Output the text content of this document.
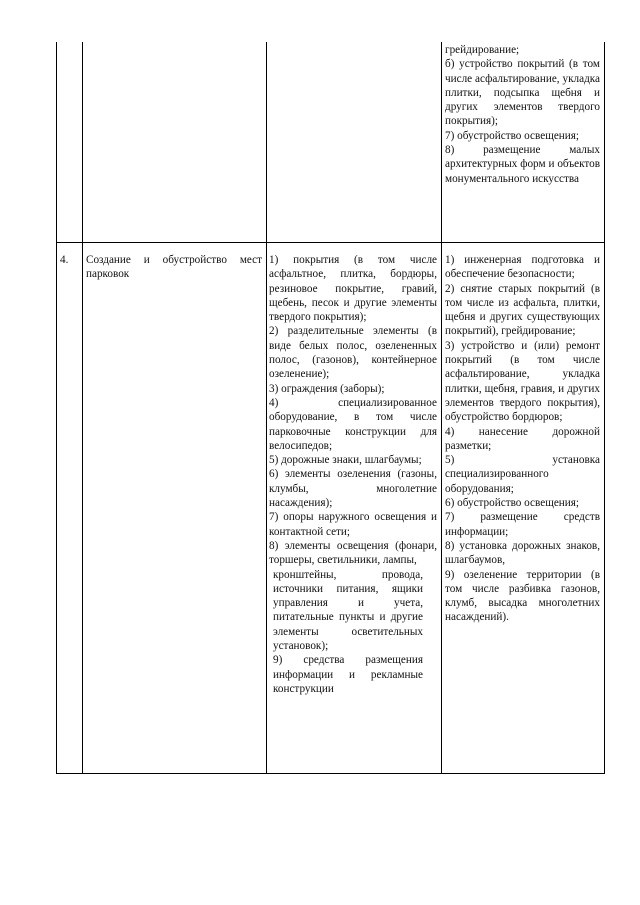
грейдирование;

б) устройство покрытий (в том числе асфальтирование, укладка плитки, подсыпка щебня и других элементов твердого покрытия);

7) обустройство освещения;

8) размещение малых архитектурных форм и объектов монументального искусства

4.	Создание и обустройство мест парковок

1) покрытия (в том числе асфальтное, плитка, бордюры, резиновое покрытие, гравий, щебень, песок и другие элементы твердого покрытия);

2) разделительные элементы (в виде белых полос, озелененных полос, (газонов), контейнерное озеленение);

3) ограждения (заборы);

4) специализированное оборудование, в том числе парковочные конструкции для велосипедов;

5) дорожные знаки, шлагбаумы;

6) элементы озеленения (газоны, клумбы, многолетние насаждения);

7) опоры наружного освещения и контактной сети;

8) элементы освещения (фонари, торшеры, светильники, лампы,

кронштейны, провода, источники питания, ящики управления и учета, питательные пункты и другие элементы осветительных установок);

9) средства размещения информации и рекламные конструкции

1) инженерная подготовка и обеспечение безопасности;

2) снятие старых покрытий (в том числе из асфальта, плитки, щебня и других существующих покрытий), грейдирование;

3) устройство и (или) ремонт покрытий (в том числе асфальтирование, укладка плитки, щебня, гравия, и других элементов твердого покрытия), обустройство бордюров;

4) нанесение дорожной разметки;

5) установка специализированного оборудования;

6) обустройство освещения;

7) размещение средств информации;

8) установка дорожных знаков, шлагбаумов,

9) озеленение территории (в том числе разбивка газонов, клумб, высадка многолетних насаждений).
